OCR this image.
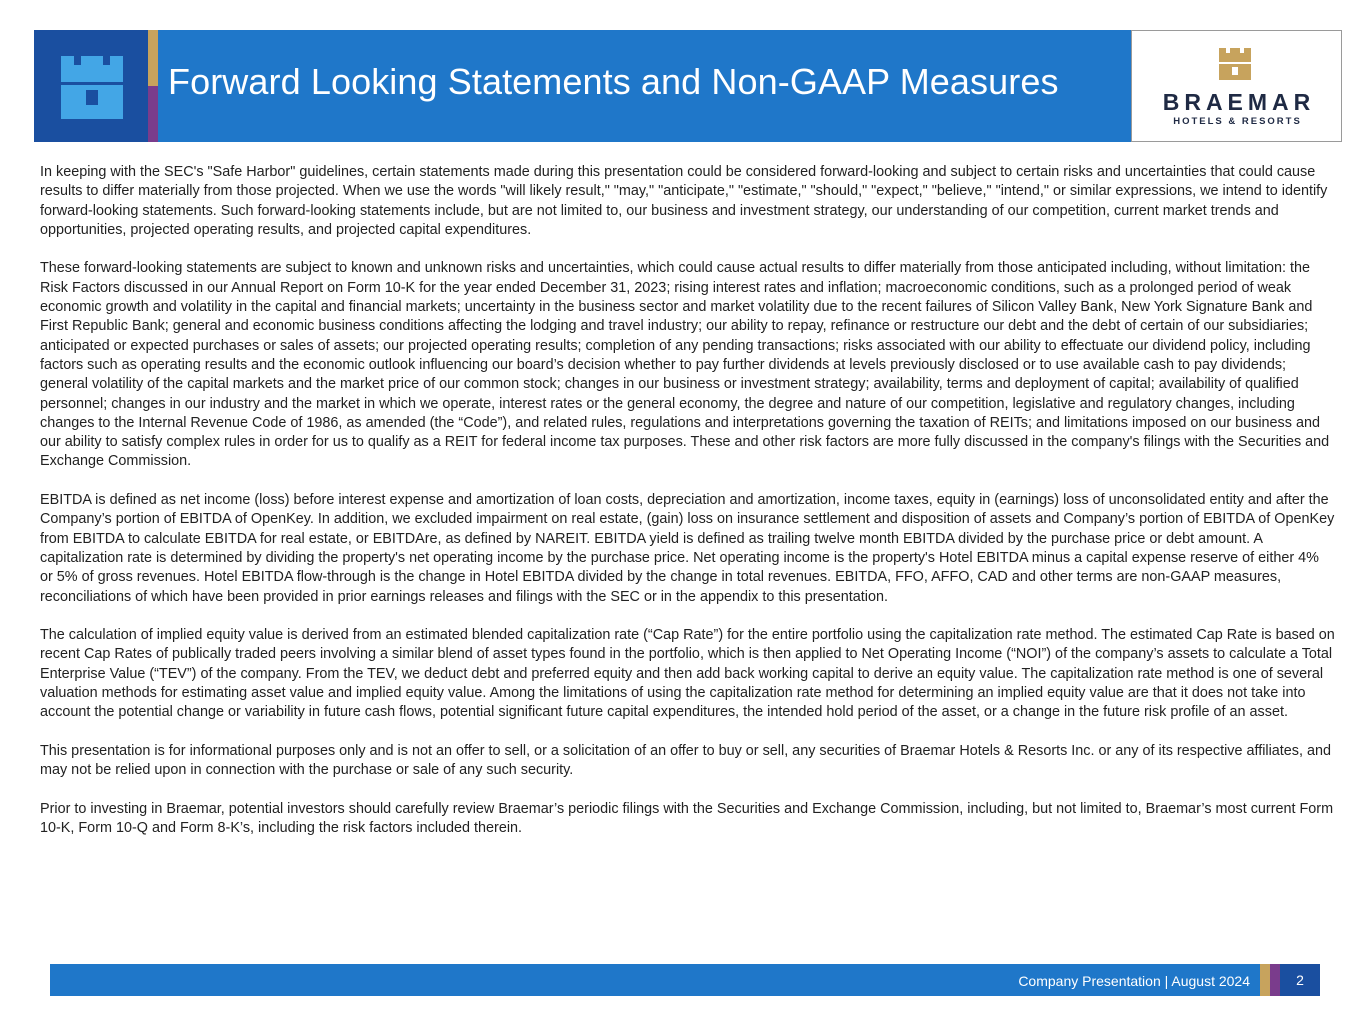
Forward Looking Statements and Non-GAAP Measures	BRAEMAR
HOTELS & RESORTS

In keeping with the SEC's "Safe Harbor" guidelines, certain statements made during this presentation could be considered forward-looking and subject to certain risks and uncertainties that could cause results to differ materially from those projected. When we use the words "will likely result," "may," "anticipate," "estimate," "should," "expect," "believe," "intend," or similar expressions, we intend to identify forward-looking statements. Such forward-looking statements include, but are not limited to, our business and investment strategy, our understanding of our competition, current market trends and opportunities, projected operating results, and projected capital expenditures.

These forward-looking statements are subject to known and unknown risks and uncertainties, which could cause actual results to differ materially from those anticipated including, without limitation: the Risk Factors discussed in our Annual Report on Form 10-K for the year ended December 31, 2023; rising interest rates and inflation; macroeconomic conditions, such as a prolonged period of weak economic growth and volatility in the capital and financial markets; uncertainty in the business sector and market volatility due to the recent failures of Silicon Valley Bank, New York Signature Bank and First Republic Bank; general and economic business conditions affecting the lodging and travel industry; our ability to repay, refinance or restructure our debt and the debt of certain of our subsidiaries; anticipated or expected purchases or sales of assets; our projected operating results; completion of any pending transactions; risks associated with our ability to effectuate our dividend policy, including factors such as operating results and the economic outlook influencing our board’s decision whether to pay further dividends at levels previously disclosed or to use available cash to pay dividends; general volatility of the capital markets and the market price of our common stock; changes in our business or investment strategy; availability, terms and deployment of capital; availability of qualified personnel; changes in our industry and the market in which we operate, interest rates or the general economy, the degree and nature of our competition, legislative and regulatory changes, including changes to the Internal Revenue Code of 1986, as amended (the “Code”), and related rules, regulations and interpretations governing the taxation of REITs; and limitations imposed on our business and our ability to satisfy complex rules in order for us to qualify as a REIT for federal income tax purposes. These and other risk factors are more fully discussed in the company's filings with the Securities and Exchange Commission.

EBITDA is defined as net income (loss) before interest expense and amortization of loan costs, depreciation and amortization, income taxes, equity in (earnings) loss of unconsolidated entity and after the Company’s portion of EBITDA of OpenKey. In addition, we excluded impairment on real estate, (gain) loss on insurance settlement and disposition of assets and Company’s portion of EBITDA of OpenKey from EBITDA to calculate EBITDA for real estate, or EBITDAre, as defined by NAREIT. EBITDA yield is defined as trailing twelve month EBITDA divided by the purchase price or debt amount. A capitalization rate is determined by dividing the property's net operating income by the purchase price. Net operating income is the property's Hotel EBITDA minus a capital expense reserve of either 4% or 5% of gross revenues. Hotel EBITDA flow-through is the change in Hotel EBITDA divided by the change in total revenues. EBITDA, FFO, AFFO, CAD and other terms are non-GAAP measures, reconciliations of which have been provided in prior earnings releases and filings with the SEC or in the appendix to this presentation.

The calculation of implied equity value is derived from an estimated blended capitalization rate (“Cap Rate”) for the entire portfolio using the capitalization rate method. The estimated Cap Rate is based on recent Cap Rates of publically traded peers involving a similar blend of asset types found in the portfolio, which is then applied to Net Operating Income (“NOI”) of the company’s assets to calculate a Total Enterprise Value (“TEV”) of the company. From the TEV, we deduct debt and preferred equity and then add back working capital to derive an equity value. The capitalization rate method is one of several valuation methods for estimating asset value and implied equity value. Among the limitations of using the capitalization rate method for determining an implied equity value are that it does not take into account the potential change or variability in future cash flows, potential significant future capital expenditures, the intended hold period of the asset, or a change in the future risk profile of an asset.

This presentation is for informational purposes only and is not an offer to sell, or a solicitation of an offer to buy or sell, any securities of Braemar Hotels & Resorts Inc. or any of its respective affiliates, and may not be relied upon in connection with the purchase or sale of any such security.

Prior to investing in Braemar, potential investors should carefully review Braemar’s periodic filings with the Securities and Exchange Commission, including, but not limited to, Braemar’s most current Form 10-K, Form 10-Q and Form 8-K’s, including the risk factors included therein.

Company Presentation | August 2024	2
